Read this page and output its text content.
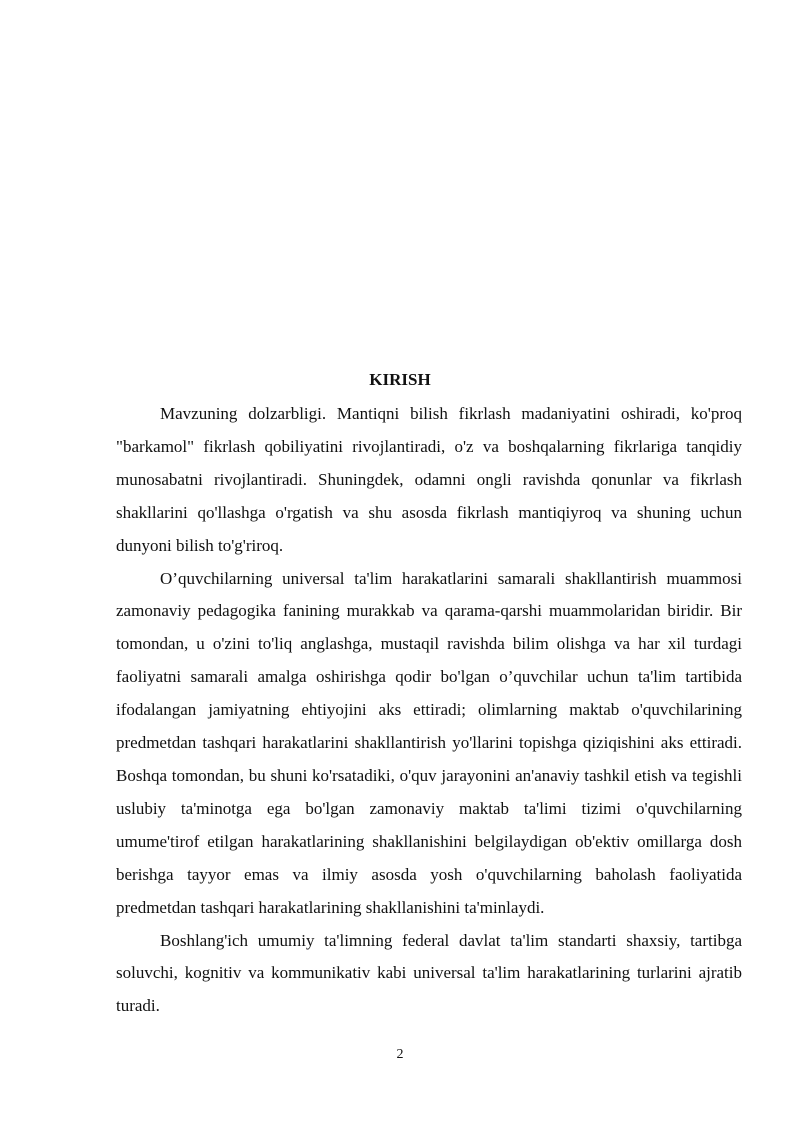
KIRISH

Mavzuning dolzarbligi. Mantiqni bilish fikrlash madaniyatini oshiradi, ko'proq "barkamol" fikrlash qobiliyatini rivojlantiradi, o'z va boshqalarning fikrlariga tanqidiy munosabatni rivojlantiradi. Shuningdek, odamni ongli ravishda qonunlar va fikrlash shakllarini qo'llashga o'rgatish va shu asosda fikrlash mantiqiyroq va shuning uchun dunyoni bilish to'g'riroq.

O’quvchilarning universal ta'lim harakatlarini samarali shakllantirish muammosi zamonaviy pedagogika fanining murakkab va qarama-qarshi muammolaridan biridir. Bir tomondan, u o'zini to'liq anglashga, mustaqil ravishda bilim olishga va har xil turdagi faoliyatni samarali amalga oshirishga qodir bo'lgan o’quvchilar uchun ta'lim tartibida ifodalangan jamiyatning ehtiyojini aks ettiradi; olimlarning maktab o'quvchilarining predmetdan tashqari harakatlarini shakllantirish yo'llarini topishga qiziqishini aks ettiradi. Boshqa tomondan, bu shuni ko'rsatadiki, o'quv jarayonini an'anaviy tashkil etish va tegishli uslubiy ta'minotga ega bo'lgan zamonaviy maktab ta'limi tizimi o'quvchilarning umume'tirof etilgan harakatlarining shakllanishini belgilaydigan ob'ektiv omillarga dosh berishga tayyor emas va ilmiy asosda yosh o'quvchilarning baholash faoliyatida predmetdan tashqari harakatlarining shakllanishini ta'minlaydi.

Boshlang'ich umumiy ta'limning federal davlat ta'lim standarti shaxsiy, tartibga soluvchi, kognitiv va kommunikativ kabi universal ta'lim harakatlarining turlarini ajratib turadi.

2
